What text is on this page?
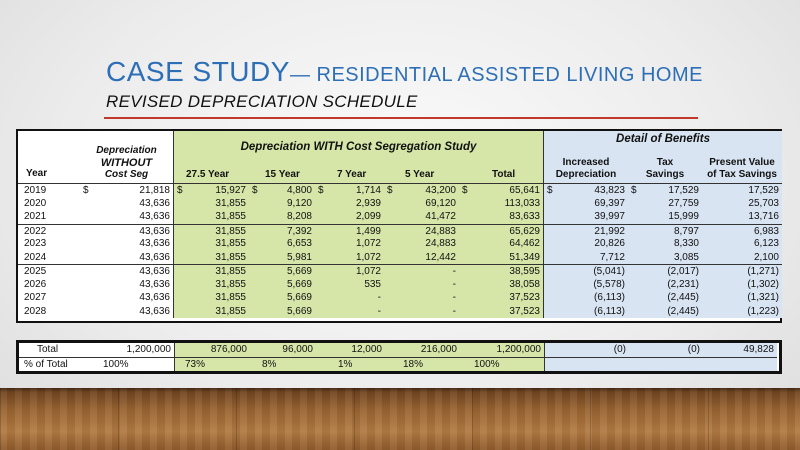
CASE STUDY— RESIDENTIAL ASSISTED LIVING HOME
REVISED DEPRECIATION SCHEDULE
Year
Depreciation
WITHOUT
Cost Seg
Depreciation WITH Cost Segregation Study
27.5 Year	15 Year	7 Year	5 Year	Total
Detail of Benefits
Increased
Depreciation
Tax
Savings
Present Value
of Tax Savings
2019	$	21,818 $	15,927 $	4,800 $	1,714 $	43,200 $	65,641 $	43,823 $	17,529	17,529
2020	43,636	31,855	9,120	2,939	69,120	113,033	69,397	27,759	25,703
2021	43,636	31,855	8,208	2,099	41,472	83,633	39,997	15,999	13,716
2022	43,636	31,855	7,392	1,499	24,883	65,629	21,992	8,797	6,983
2023	43,636	31,855	6,653	1,072	24,883	64,462	20,826	8,330	6,123
2024	43,636	31,855	5,981	1,072	12,442	51,349	7,712	3,085	2,100
2025	43,636	31,855	5,669	1,072	-	38,595	(5,041)	(2,017)	(1,271)
2026	43,636	31,855	5,669	535	-	38,058	(5,578)	(2,231)	(1,302)
2027	43,636	31,855	5,669	-	-	37,523	(6,113)	(2,445)	(1,321)
2028	43,636	31,855	5,669	-	-	37,523	(6,113)	(2,445)	(1,223)
Total	1,200,000	876,000	96,000	12,000	216,000	1,200,000	(0)	(0)	49,828
% of Total	100%	73%	8%	1%	18%	100%
